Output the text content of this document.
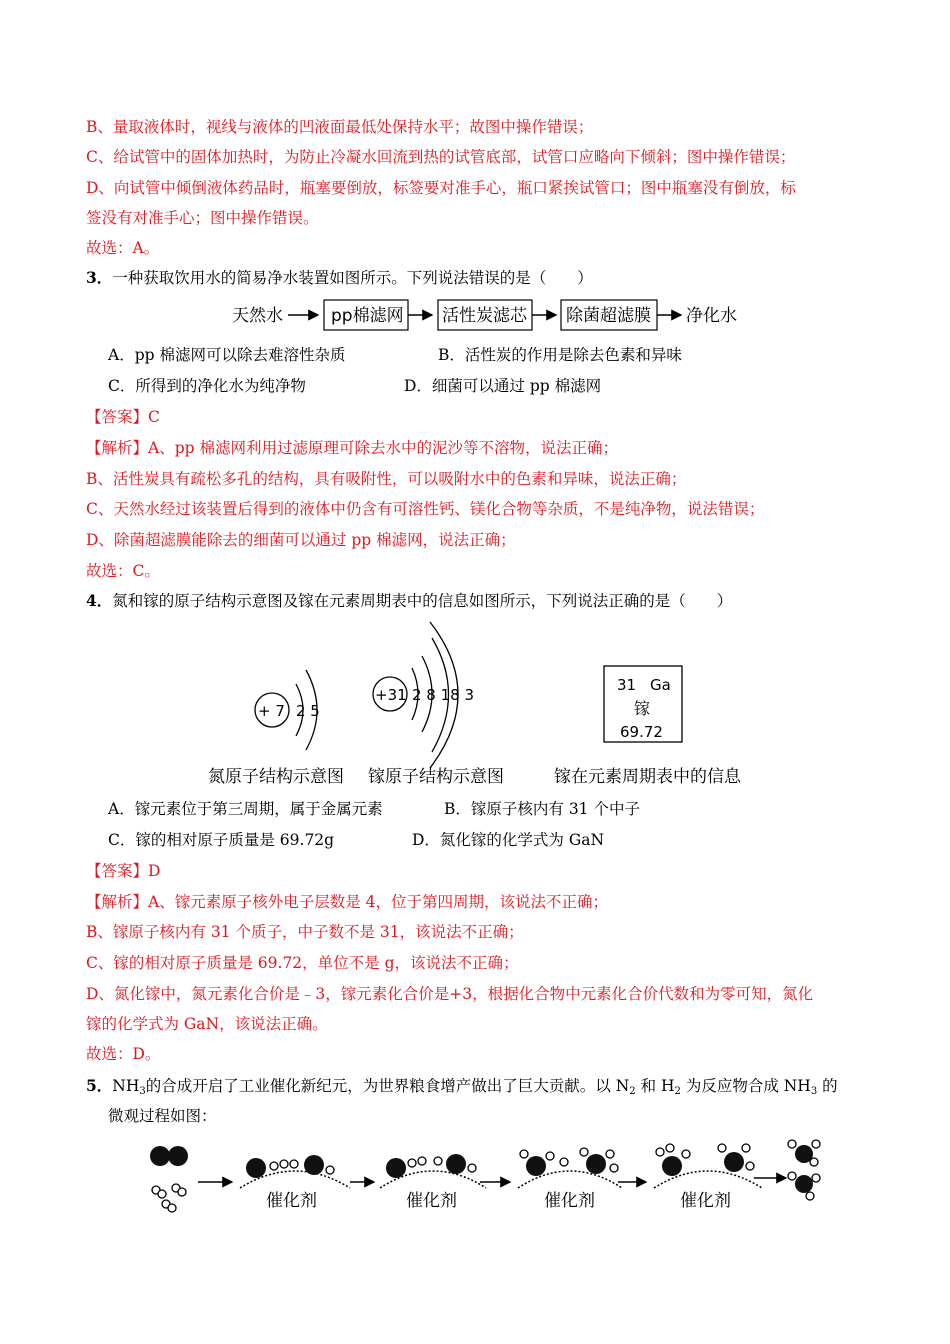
B、量取液体时，视线与液体的凹液面最低处保持水平；故图中操作错误；
C、给试管中的固体加热时，为防止冷凝水回流到热的试管底部，试管口应略向下倾斜；图中操作错误；
D、向试管中倾倒液体药品时，瓶塞要倒放，标签要对准手心，瓶口紧挨试管口；图中瓶塞没有倒放，标
签没有对准手心；图中操作错误。
故选：A。
3．一种获取饮用水的简易净水装置如图所示。下列说法错误的是（　　）
天然水	pp棉滤网 活性炭滤芯 除菌超滤膜 净化水
A．pp 棉滤网可以除去难溶性杂质	B．活性炭的作用是除去色素和异味
C．所得到的净化水为纯净物	D．细菌可以通过 pp 棉滤网
【答案】C
【解析】A、pp 棉滤网利用过滤原理可除去水中的泥沙等不溶物，说法正确；
B、活性炭具有疏松多孔的结构，具有吸附性，可以吸附水中的色素和异味，说法正确；
C、天然水经过该装置后得到的液体中仍含有可溶性钙、镁化合物等杂质，不是纯净物，说法错误；
D、除菌超滤膜能除去的细菌可以通过 pp 棉滤网，说法正确；
故选：C。
4．氮和镓的原子结构示意图及镓在元素周期表中的信息如图所示，下列说法正确的是（　　）
+ 7 2 5
+31 2 8 18 3
31 Ga
镓
69.72
氮原子结构示意图 镓原子结构示意图	镓在元素周期表中的信息
A．镓元素位于第三周期，属于金属元素	B．镓原子核内有 31 个中子
C．镓的相对原子质量是 69.72g	D．氮化镓的化学式为 GaN
【答案】D
【解析】A、镓元素原子核外电子层数是 4，位于第四周期，该说法不正确；
B、镓原子核内有 31 个质子，中子数不是 31，该说法不正确；
C、镓的相对原子质量是 69.72，单位不是 g，该说法不正确；
D、氮化镓中，氮元素化合价是﹣3，镓元素化合价是+3，根据化合物中元素化合价代数和为零可知，氮化
镓的化学式为 GaN，该说法正确。
故选：D。
5．$NH_3$的合成开启了工业催化新纪元，为世界粮食增产做出了巨大贡献。以 $N_2$ 和 $H_2$ 为反应物合成 $NH_3$ 的
微观过程如图：
催化剂	催化剂	催化剂	催化剂
